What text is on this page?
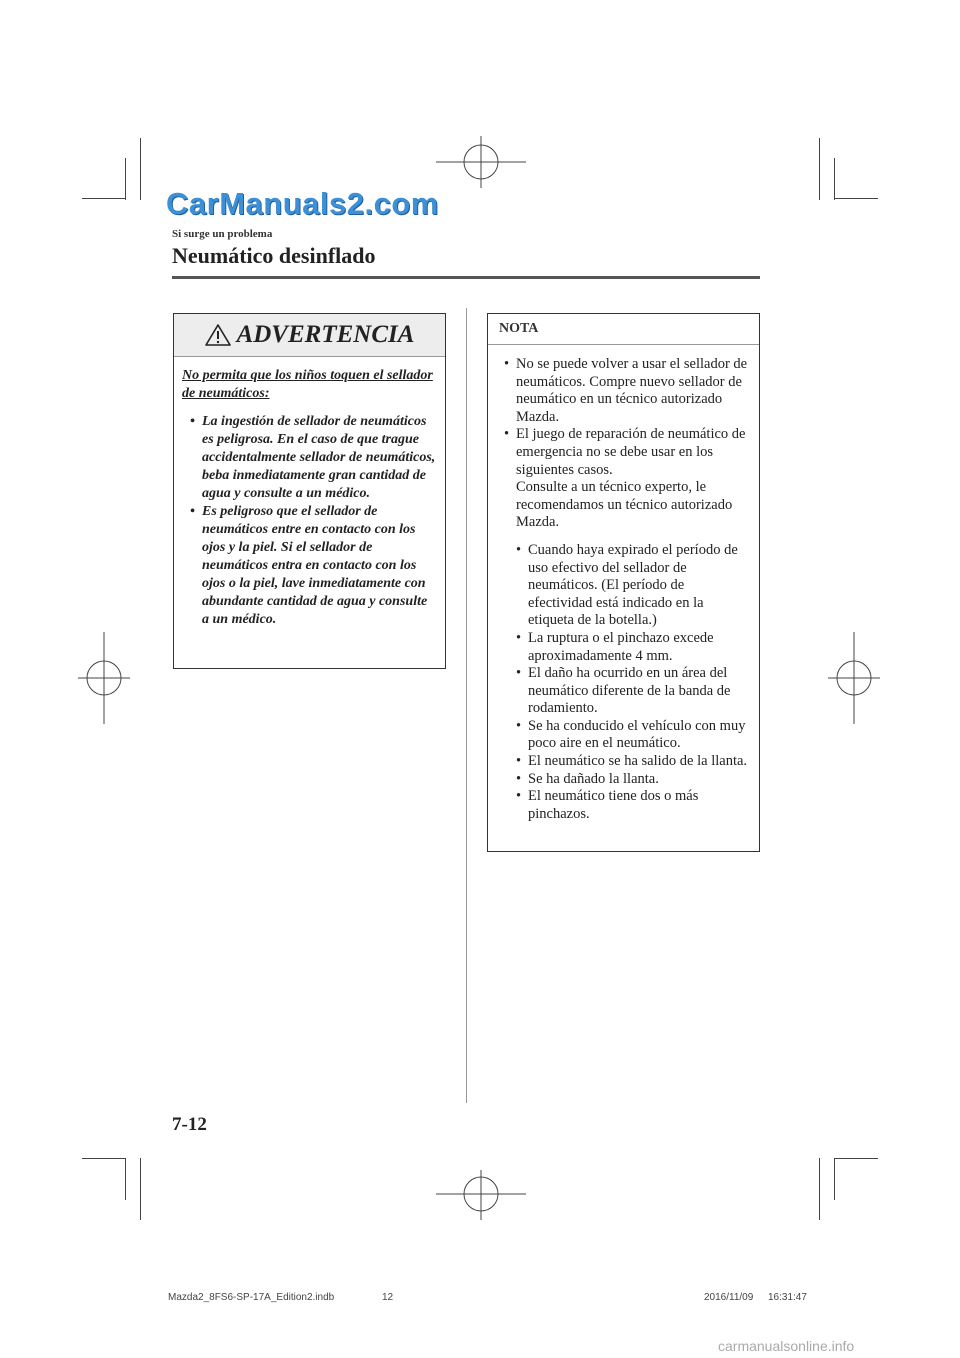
CarManuals2.com
Si surge un problema
Neumático desinflado
ADVERTENCIA
No permita que los niños toquen el sellador de neumáticos:
• La ingestión de sellador de neumáticos es peligrosa. En el caso de que trague accidentalmente sellador de neumáticos, beba inmediatamente gran cantidad de agua y consulte a un médico.
• Es peligroso que el sellador de neumáticos entre en contacto con los ojos y la piel. Si el sellador de neumáticos entra en contacto con los ojos o la piel, lave inmediatamente con abundante cantidad de agua y consulte a un médico.
NOTA
• No se puede volver a usar el sellador de neumáticos. Compre nuevo sellador de neumático en un técnico autorizado Mazda.
• El juego de reparación de neumático de emergencia no se debe usar en los siguientes casos.
Consulte a un técnico experto, le recomendamos un técnico autorizado Mazda.
• Cuando haya expirado el período de uso efectivo del sellador de neumáticos. (El período de efectividad está indicado en la etiqueta de la botella.)
• La ruptura o el pinchazo excede aproximadamente 4 mm.
• El daño ha ocurrido en un área del neumático diferente de la banda de rodamiento.
• Se ha conducido el vehículo con muy poco aire en el neumático.
• El neumático se ha salido de la llanta.
• Se ha dañado la llanta.
• El neumático tiene dos o más pinchazos.
7-12
Mazda2_8FS6-SP-17A_Edition2.indb	12	2016/11/09 16:31:47
carmanualsonline.info
